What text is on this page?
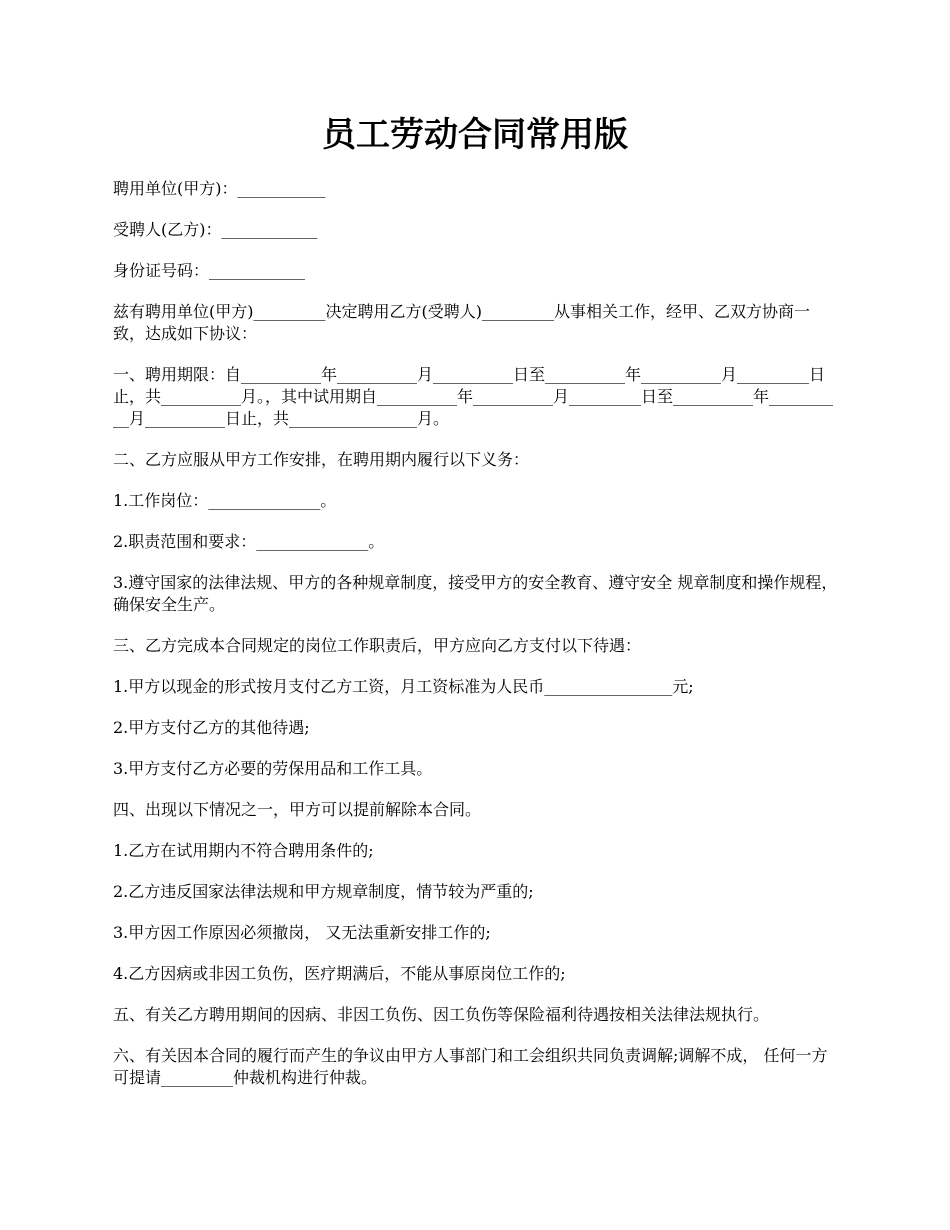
员工劳动合同常用版

聘用单位(甲方)：___________

受聘人(乙方)：____________

身份证号码：____________

兹有聘用单位(甲方)_________决定聘用乙方(受聘人)_________从事相关工作，经甲、乙双方协商一致，达成如下协议：

一、聘用期限：自__________年__________月__________日至__________年__________月_________日止，共__________月。，其中试用期自__________年__________月_________日至__________年__________月__________日止，共________________月。

二、乙方应服从甲方工作安排，在聘用期内履行以下义务：

1.工作岗位：______________。

2.职责范围和要求：______________。

3.遵守国家的法律法规、甲方的各种规章制度，接受甲方的安全教育、遵守安全 规章制度和操作规程，确保安全生产。

三、乙方完成本合同规定的岗位工作职责后，甲方应向乙方支付以下待遇：

1.甲方以现金的形式按月支付乙方工资，月工资标准为人民币________________元;

2.甲方支付乙方的其他待遇;

3.甲方支付乙方必要的劳保用品和工作工具。

四、出现以下情况之一，甲方可以提前解除本合同。

1.乙方在试用期内不符合聘用条件的;

2.乙方违反国家法律法规和甲方规章制度，情节较为严重的;

3.甲方因工作原因必须撤岗， 又无法重新安排工作的;

4.乙方因病或非因工负伤，医疗期满后，不能从事原岗位工作的;

五、有关乙方聘用期间的因病、非因工负伤、因工负伤等保险福利待遇按相关法律法规执行。

六、有关因本合同的履行而产生的争议由甲方人事部门和工会组织共同负责调解;调解不成， 任何一方可提请_________仲裁机构进行仲裁。
